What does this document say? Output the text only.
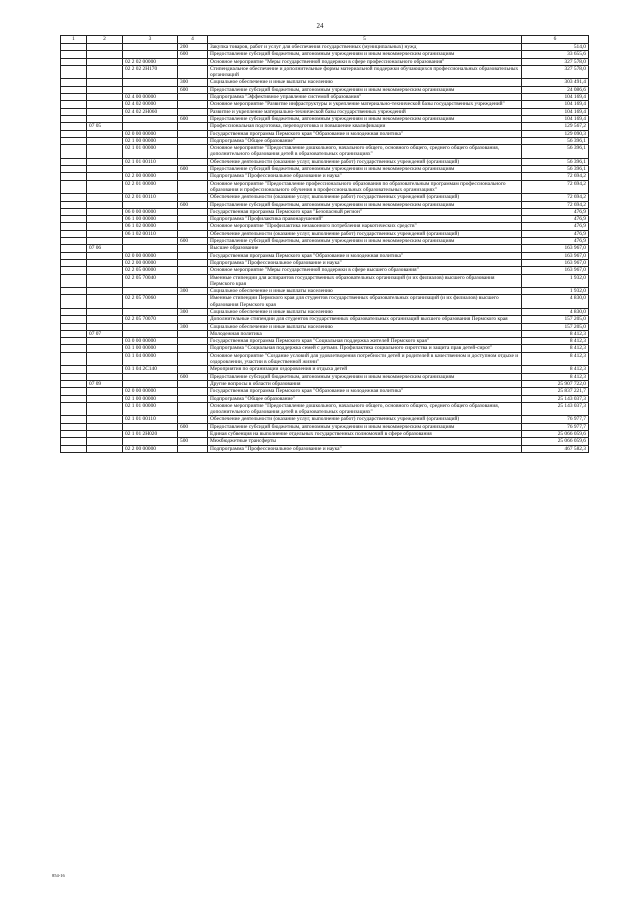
24
1	2	3	4	5	6
			200	Закупка товаров, работ и услуг для обеспечения государственных (муниципальных) нужд	514,0
			600	Предоставление субсидий бюджетным, автономным учреждениям и иным некоммерческим организациям	33 655,6
		02 2 02 00000		Основное мероприятие "Меры государственной поддержки в сфере профессионального образования"	327 578,0
		02 2 02 2Н170		Стипендиальное обеспечение и дополнительные формы материальной поддержки обучающихся профессиональных образовательных организаций	327 578,0
			300	Социальное обеспечение и иные выплаты населению	303 491,4
			600	Предоставление субсидий бюджетным, автономным учреждениям и иным некоммерческим организациям	24 086,6
		02 4 00 00000		Подпрограмма "Эффективное управление системой образования"	104 169,4
		02 4 02 00000		Основное мероприятие "Развитие инфраструктуры и укрепление материально-технической базы государственных учреждений"	104 169,4
		02 4 02 2Н060		Развитие и укрепление материально-технической базы государственных учреждений	104 169,4
			600	Предоставление субсидий бюджетным, автономным учреждениям и иным некоммерческим организациям	104 169,4
	07 05			Профессиональная подготовка, переподготовка и повышение квалификации	129 567,2
		02 0 00 00000		Государственная программа Пермского края "Образование и молодежная политика"	129 090,3
		02 1 00 00000		Подпрограмма "Общее образование"	56 396,1
		02 1 01 00000		Основное мероприятие "Предоставление дошкольного, начального общего, основного общего, среднего общего образования, дополнительного образования детей в образовательных организациях"	56 396,1
		02 1 01 00110		Обеспечение деятельности (оказание услуг, выполнение работ) государственных учреждений (организаций)	56 396,1
			600	Предоставление субсидий бюджетным, автономным учреждениям и иным некоммерческим организациям	56 396,1
		02 2 00 00000		Подпрограмма "Профессиональное образование и наука"	72 694,2
		02 2 01 00000		Основное мероприятие "Предоставление профессионального образования по образовательным программам профессионального образования и профессионального обучения в профессиональных образовательных организациях"	72 694,2
		02 2 01 00110		Обеспечение деятельности (оказание услуг, выполнение работ) государственных учреждений (организаций)	72 694,2
			600	Предоставление субсидий бюджетным, автономным учреждениям и иным некоммерческим организациям	72 694,2
		06 0 00 00000		Государственная программа Пермского края "Безопасный регион"	476,9
		06 1 00 00000		Подпрограмма "Профилактика правонарушений"	476,9
		06 1 02 00000		Основное мероприятие "Профилактика незаконного потребления наркотических средств"	476,9
		06 1 02 00110		Обеспечение деятельности (оказание услуг, выполнение работ) государственных учреждений (организаций)	476,9
			600	Предоставление субсидий бюджетным, автономным учреждениям и иным некоммерческим организациям	476,9
	07 06			Высшее образование	163 967,0
		02 0 00 00000		Государственная программа Пермского края "Образование и молодежная политика"	163 967,0
		02 2 00 00000		Подпрограмма "Профессиональное образование и наука"	163 967,0
		02 2 05 00000		Основное мероприятие "Меры государственной поддержки в сфере высшего образования"	163 967,0
		02 2 05 70040		Именные стипендии для аспирантов государственных образовательных организаций (и их филиалов) высшего образования Пермского края	1 932,0
			300	Социальное обеспечение и иные выплаты населению	1 932,0
		02 2 05 70060		Именные стипендии Пермского края для студентов государственных образовательных организаций (и их филиалов) высшего образования Пермского края	4 830,0
			300	Социальное обеспечение и иные выплаты населению	4 830,0
		02 2 05 70070		Дополнительные стипендии для студентов государственных образовательных организаций высшего образования Пермского края	157 205,0
			300	Социальное обеспечение и иные выплаты населению	157 205,0
	07 07			Молодежная политика	8 412,3
		03 0 00 00000		Государственная программа Пермского края "Социальная поддержка жителей Пермского края"	8 412,3
		03 1 00 00000		Подпрограмма "Социальная поддержка семей с детьми. Профилактика социального сиротства и защита прав детей-сирот"	8 412,3
		03 1 04 00000		Основное мероприятие "Создание условий для удовлетворения потребности детей и родителей в качественном и доступном отдыхе и оздоровлении, участии в общественной жизни"	8 412,3
		03 1 04 2С140		Мероприятия по организации оздоровления и отдыха детей	8 412,3
			600	Предоставление субсидий бюджетным, автономным учреждениям и иным некоммерческим организациям	8 412,3
	07 09			Другие вопросы в области образования	25 907 722,0
		02 0 00 00000		Государственная программа Пермского края "Образование и молодежная политика"	25 837 221,7
		02 1 00 00000		Подпрограмма "Общее образование"	25 143 037,3
		02 1 01 00000		Основное мероприятие "Предоставление дошкольного, начального общего, основного общего, среднего общего образования, дополнительного образования детей в образовательных организациях"	25 143 037,3
		02 1 01 00110		Обеспечение деятельности (оказание услуг, выполнение работ) государственных учреждений (организаций)	76 977,7
			600	Предоставление субсидий бюджетным, автономным учреждениям и иным некоммерческим организациям	76 977,7
		02 1 01 2Н020		Единая субвенция на выполнение отдельных государственных полномочий в сфере образования	25 066 059,6
			500	Межбюджетные трансферты	25 066 059,6
		02 2 00 00000		Подпрограмма "Профессиональное образование и наука"	467 582,3
854-16
